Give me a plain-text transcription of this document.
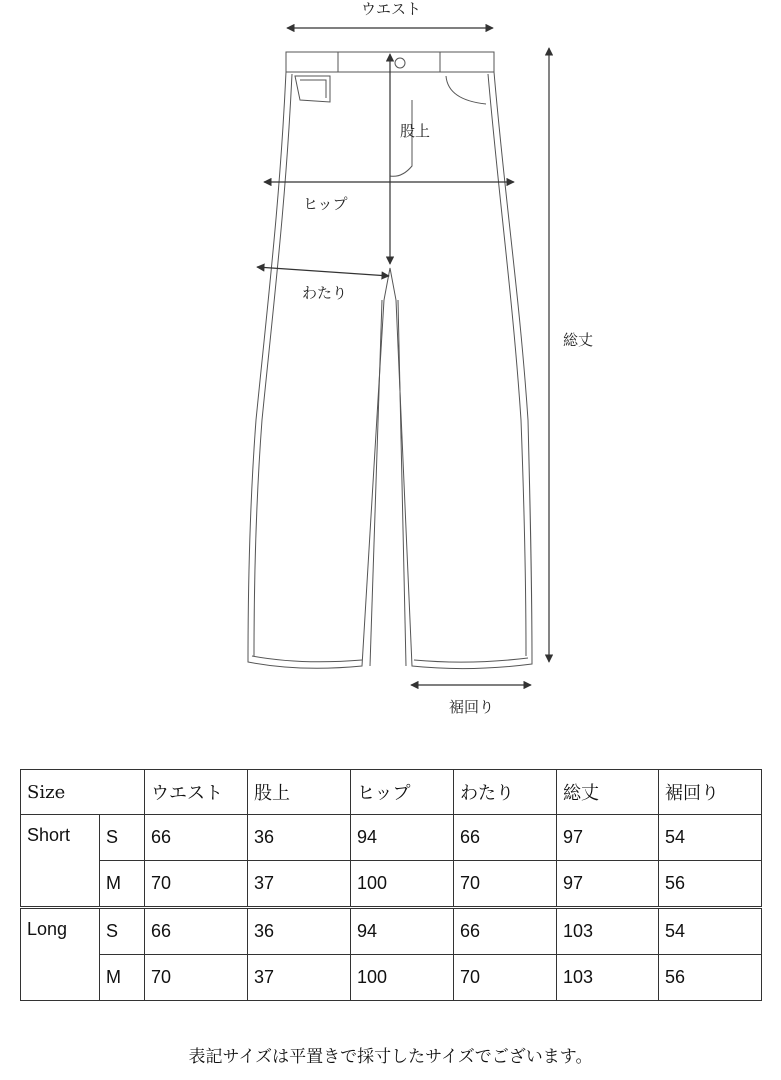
ウエスト
股上
ヒップ
わたり
総丈
裾回り
Size		ウエスト	股上	ヒップ	わたり	総丈	裾回り
Short	S	66	36	94	66	97	54
	M	70	37	100	70	97	56
Long	S	66	36	94	66	103	54
	M	70	37	100	70	103	56
表記サイズは平置きで採寸したサイズでございます。
